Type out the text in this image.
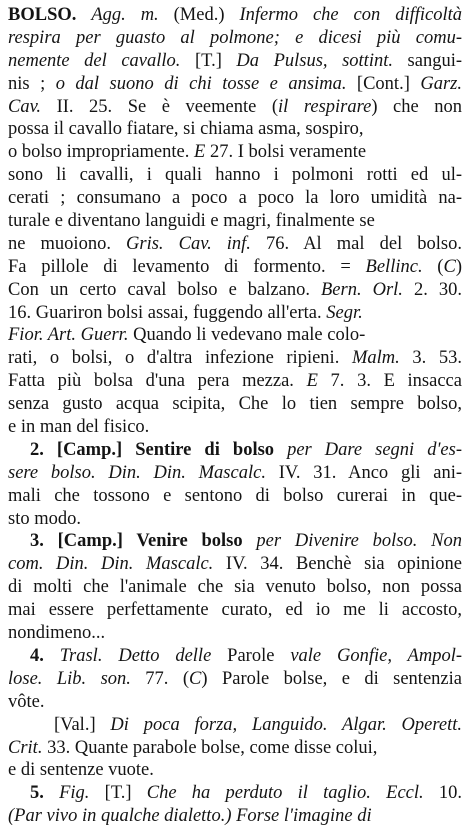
BOLSO. Agg. m. (Med.) Infermo che con difficoltà
respira per guasto al polmone; e dicesi più comu-
nemente del cavallo. [T.] Da Pulsus, sottint. sangui-
nis ; o dal suono di chi tosse e ansima. [Cont.] Garz.
Cav. II. 25. Se è veemente (il respirare) che non
possa il cavallo fiatare, si chiama asma, sospiro,
o bolso impropriamente. E 27. I bolsi veramente
sono li cavalli, i quali hanno i polmoni rotti ed ul-
cerati ; consumano a poco a poco la loro umidità na-
turale e diventano languidi e magri, finalmente se
ne muoiono. Gris. Cav. inf. 76. Al mal del bolso.
Fa pillole di levamento di formento. = Bellinc. (C)
Con un certo caval bolso e balzano. Bern. Orl. 2. 30.
16. Guariron bolsi assai, fuggendo all'erta. Segr.
Fior. Art. Guerr. Quando li vedevano male colo-
rati, o bolsi, o d'altra infezione ripieni. Malm. 3. 53.
Fatta più bolsa d'una pera mezza. E 7. 3. E insacca
senza gusto acqua scipita, Che lo tien sempre bolso,
e in man del fisico.
2. [Camp.] Sentire di bolso per Dare segni d'es-
sere bolso. Din. Din. Mascalc. IV. 31. Anco gli ani-
mali che tossono e sentono di bolso curerai in que-
sto modo.
3. [Camp.] Venire bolso per Divenire bolso. Non
com. Din. Din. Mascalc. IV. 34. Benchè sia opinione
di molti che l'animale che sia venuto bolso, non possa
mai essere perfettamente curato, ed io me li accosto,
nondimeno...
4. Trasl. Detto delle Parole vale Gonfie, Ampol-
lose. Lib. son. 77. (C) Parole bolse, e di sentenzia
vôte.
[Val.] Di poca forza, Languido. Algar. Operett.
Crit. 33. Quante parabole bolse, come disse colui,
e di sentenze vuote.
5. Fig. [T.] Che ha perduto il taglio. Eccl. 10.
(Par vivo in qualche dialetto.) Forse l'imagine di
